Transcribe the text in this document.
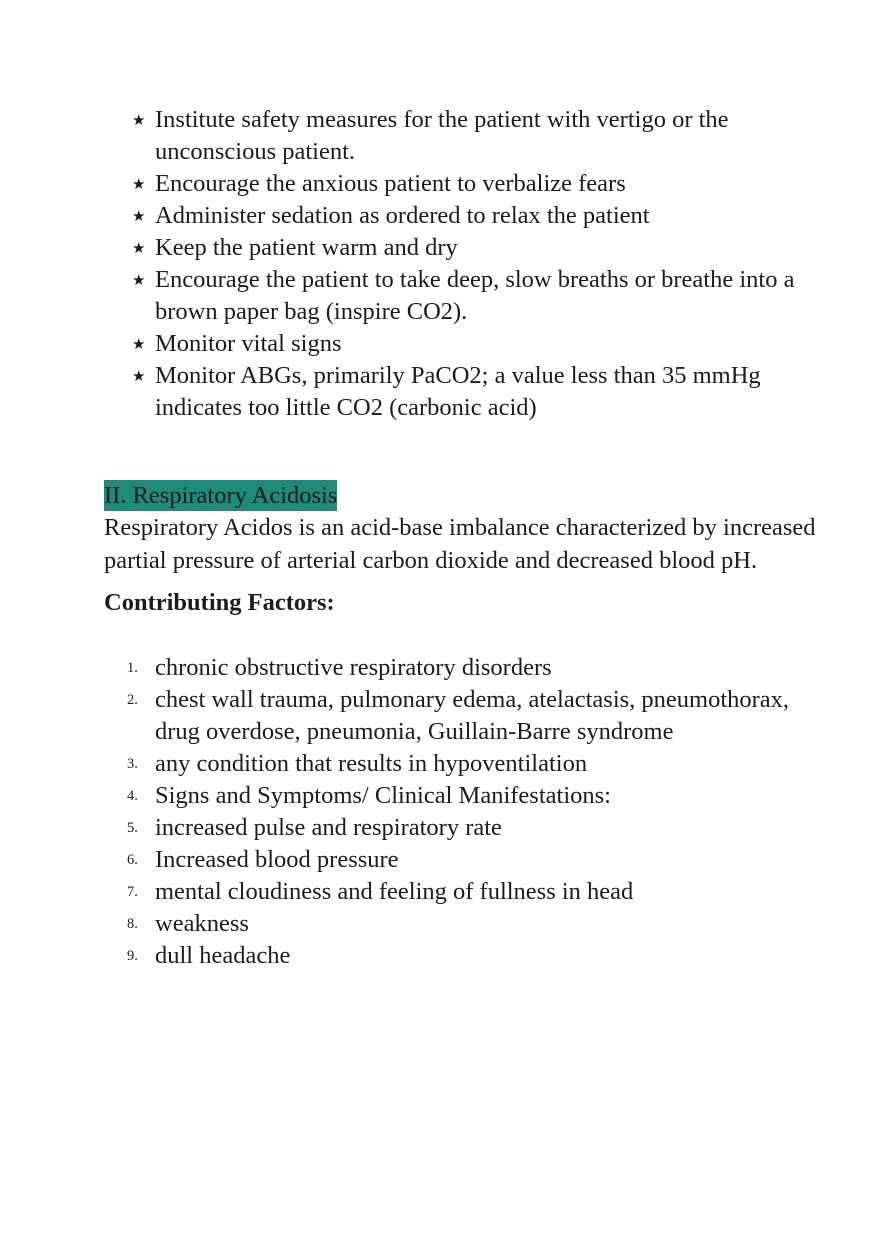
★ Institute safety measures for the patient with vertigo or the unconscious patient.
★ Encourage the anxious patient to verbalize fears
★ Administer sedation as ordered to relax the patient
★ Keep the patient warm and dry
★ Encourage the patient to take deep, slow breaths or breathe into a brown paper bag (inspire CO2).
★ Monitor vital signs
★ Monitor ABGs, primarily PaCO2; a value less than 35 mmHg indicates too little CO2 (carbonic acid)
II. Respiratory Acidosis

Respiratory Acidos is an acid-base imbalance characterized by increased partial pressure of arterial carbon dioxide and decreased blood pH.

Contributing Factors:

1. chronic obstructive respiratory disorders
2. chest wall trauma, pulmonary edema, atelactasis, pneumothorax, drug overdose, pneumonia, Guillain-Barre syndrome
3. any condition that results in hypoventilation
4. Signs and Symptoms/ Clinical Manifestations:
5. increased pulse and respiratory rate
6. Increased blood pressure
7. mental cloudiness and feeling of fullness in head
8. weakness
9. dull headache
